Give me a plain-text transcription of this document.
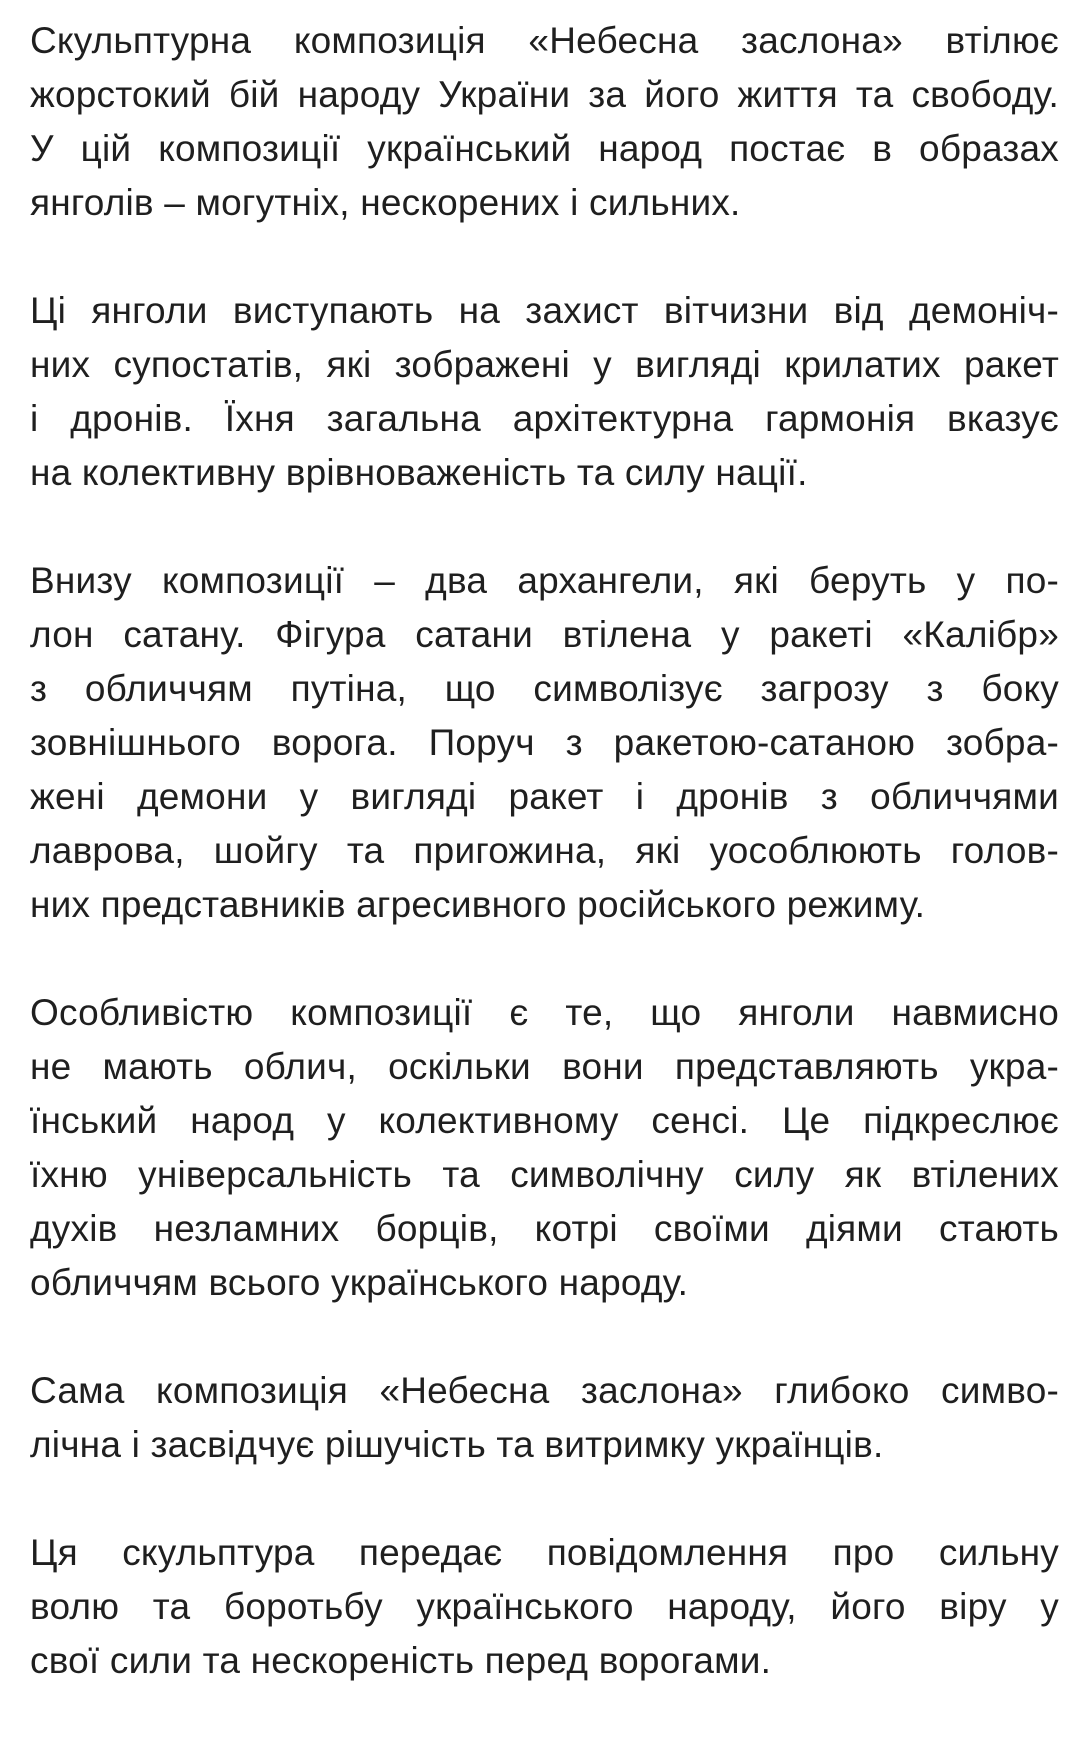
Скульптурна композиція «Небесна заслона» втілює
жорстокий бій народу України за його життя та свободу.
У цій композиції український народ постає в образах
янголів – могутніх, нескорених і сильних.

Ці янголи виступають на захист вітчизни від демоніч-
них супостатів, які зображені у вигляді крилатих ракет
і дронів. Їхня загальна архітектурна гармонія вказує
на колективну врівноваженість та силу нації.

Внизу композиції – два архангели, які беруть у по-
лон сатану. Фігура сатани втілена у ракеті «Калібр»
з обличчям путіна, що символізує загрозу з боку
зовнішнього ворога. Поруч з ракетою-сатаною зобра-
жені демони у вигляді ракет і дронів з обличчями
лаврова, шойгу та пригожина, які уособлюють голов-
них представників агресивного російського режиму.

Особливістю композиції є те, що янголи навмисно
не мають облич, оскільки вони представляють укра-
їнський народ у колективному сенсі. Це підкреслює
їхню універсальність та символічну силу як втілених
духів незламних борців, котрі своїми діями стають
обличчям всього українського народу.

Сама композиція «Небесна заслона» глибоко симво-
лічна і засвідчує рішучість та витримку українців.

Ця скульптура передає повідомлення про сильну
волю та боротьбу українського народу, його віру у
свої сили та нескореність перед ворогами.
